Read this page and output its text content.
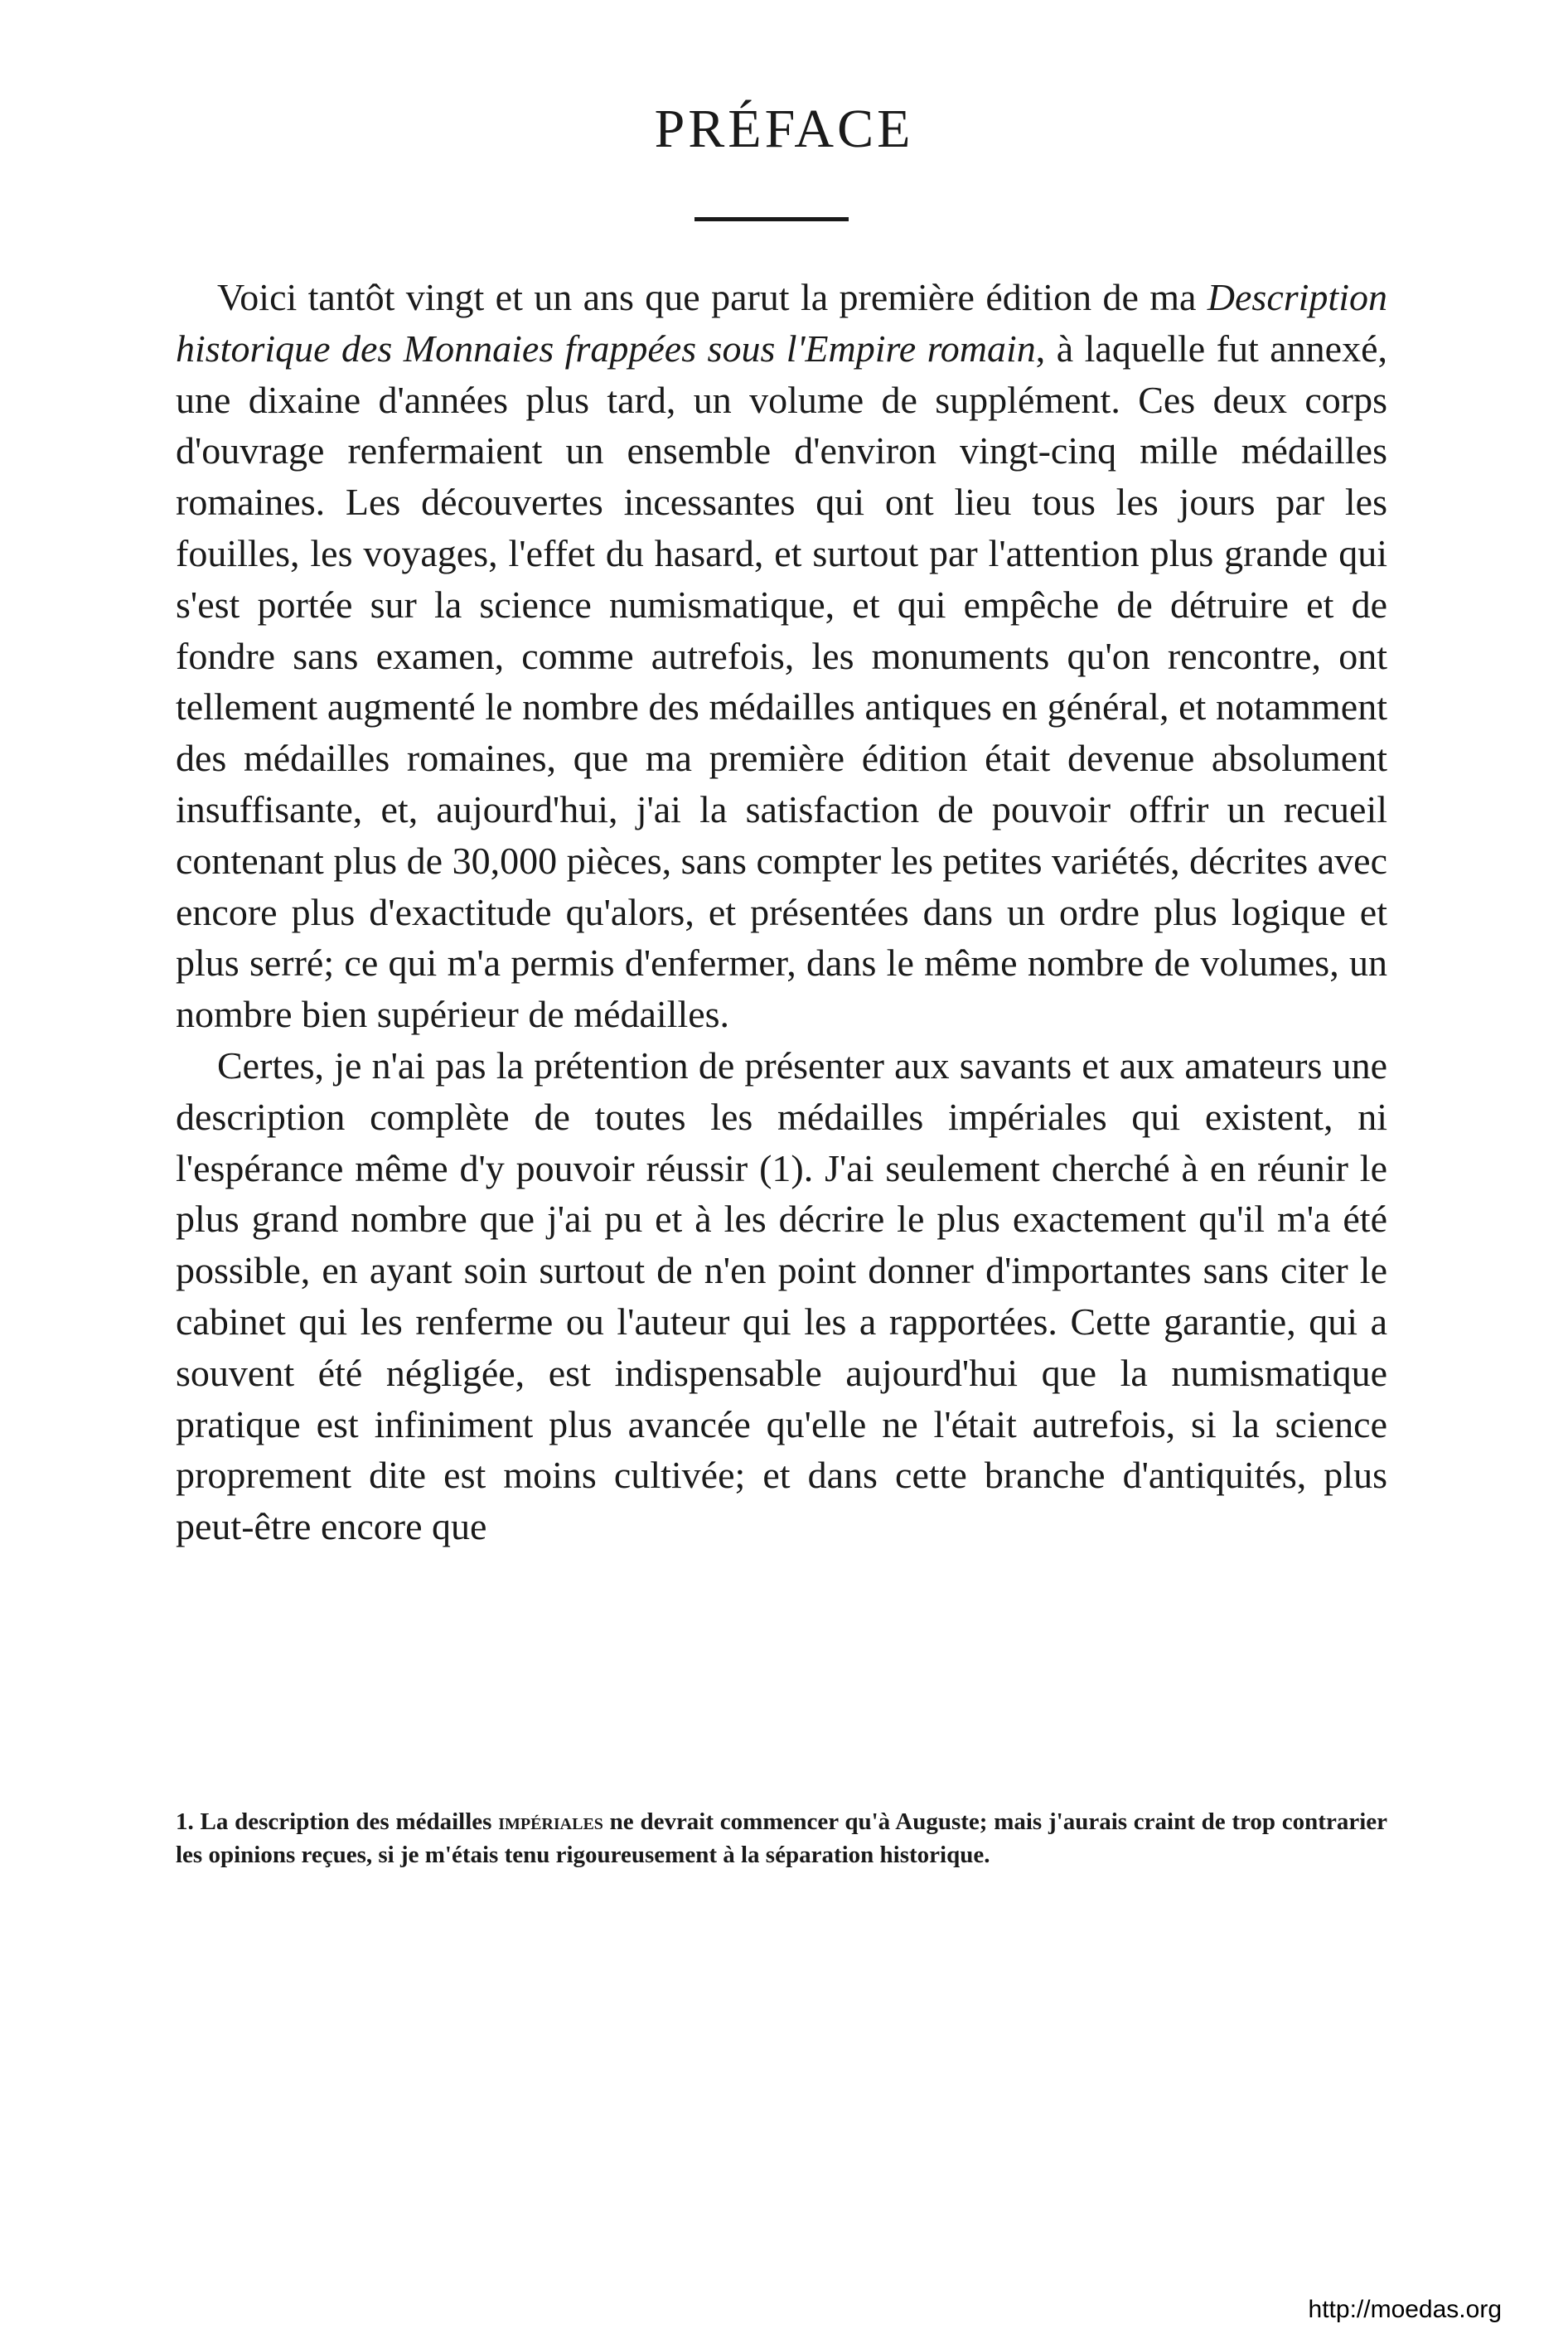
PRÉFACE

Voici tantôt vingt et un ans que parut la première édition de ma Description historique des Monnaies frappées sous l'Empire romain, à laquelle fut annexé, une dixaine d'années plus tard, un volume de supplément. Ces deux corps d'ouvrage renfermaient un ensemble d'environ vingt-cinq mille médailles romaines. Les découvertes incessantes qui ont lieu tous les jours par les fouilles, les voyages, l'effet du hasard, et surtout par l'attention plus grande qui s'est portée sur la science numismatique, et qui empêche de détruire et de fondre sans examen, comme autrefois, les monuments qu'on rencontre, ont tellement augmenté le nombre des médailles antiques en général, et notamment des médailles romaines, que ma première édition était devenue absolument insuffisante, et, aujourd'hui, j'ai la satisfaction de pouvoir offrir un recueil contenant plus de 30,000 pièces, sans compter les petites variétés, décrites avec encore plus d'exactitude qu'alors, et présentées dans un ordre plus logique et plus serré; ce qui m'a permis d'enfermer, dans le même nombre de volumes, un nombre bien supérieur de médailles.

Certes, je n'ai pas la prétention de présenter aux savants et aux amateurs une description complète de toutes les médailles impériales qui existent, ni l'espérance même d'y pouvoir réussir (1). J'ai seulement cherché à en réunir le plus grand nombre que j'ai pu et à les décrire le plus exactement qu'il m'a été possible, en ayant soin surtout de n'en point donner d'importantes sans citer le cabinet qui les renferme ou l'auteur qui les a rapportées. Cette garantie, qui a souvent été négligée, est indispensable aujourd'hui que la numismatique pratique est infiniment plus avancée qu'elle ne l'était autrefois, si la science proprement dite est moins cultivée; et dans cette branche d'antiquités, plus peut-être encore que

1. La description des médailles impériales ne devrait commencer qu'à Auguste; mais j'aurais craint de trop contrarier les opinions reçues, si je m'étais tenu rigoureusement à la séparation historique.
http://moedas.org
